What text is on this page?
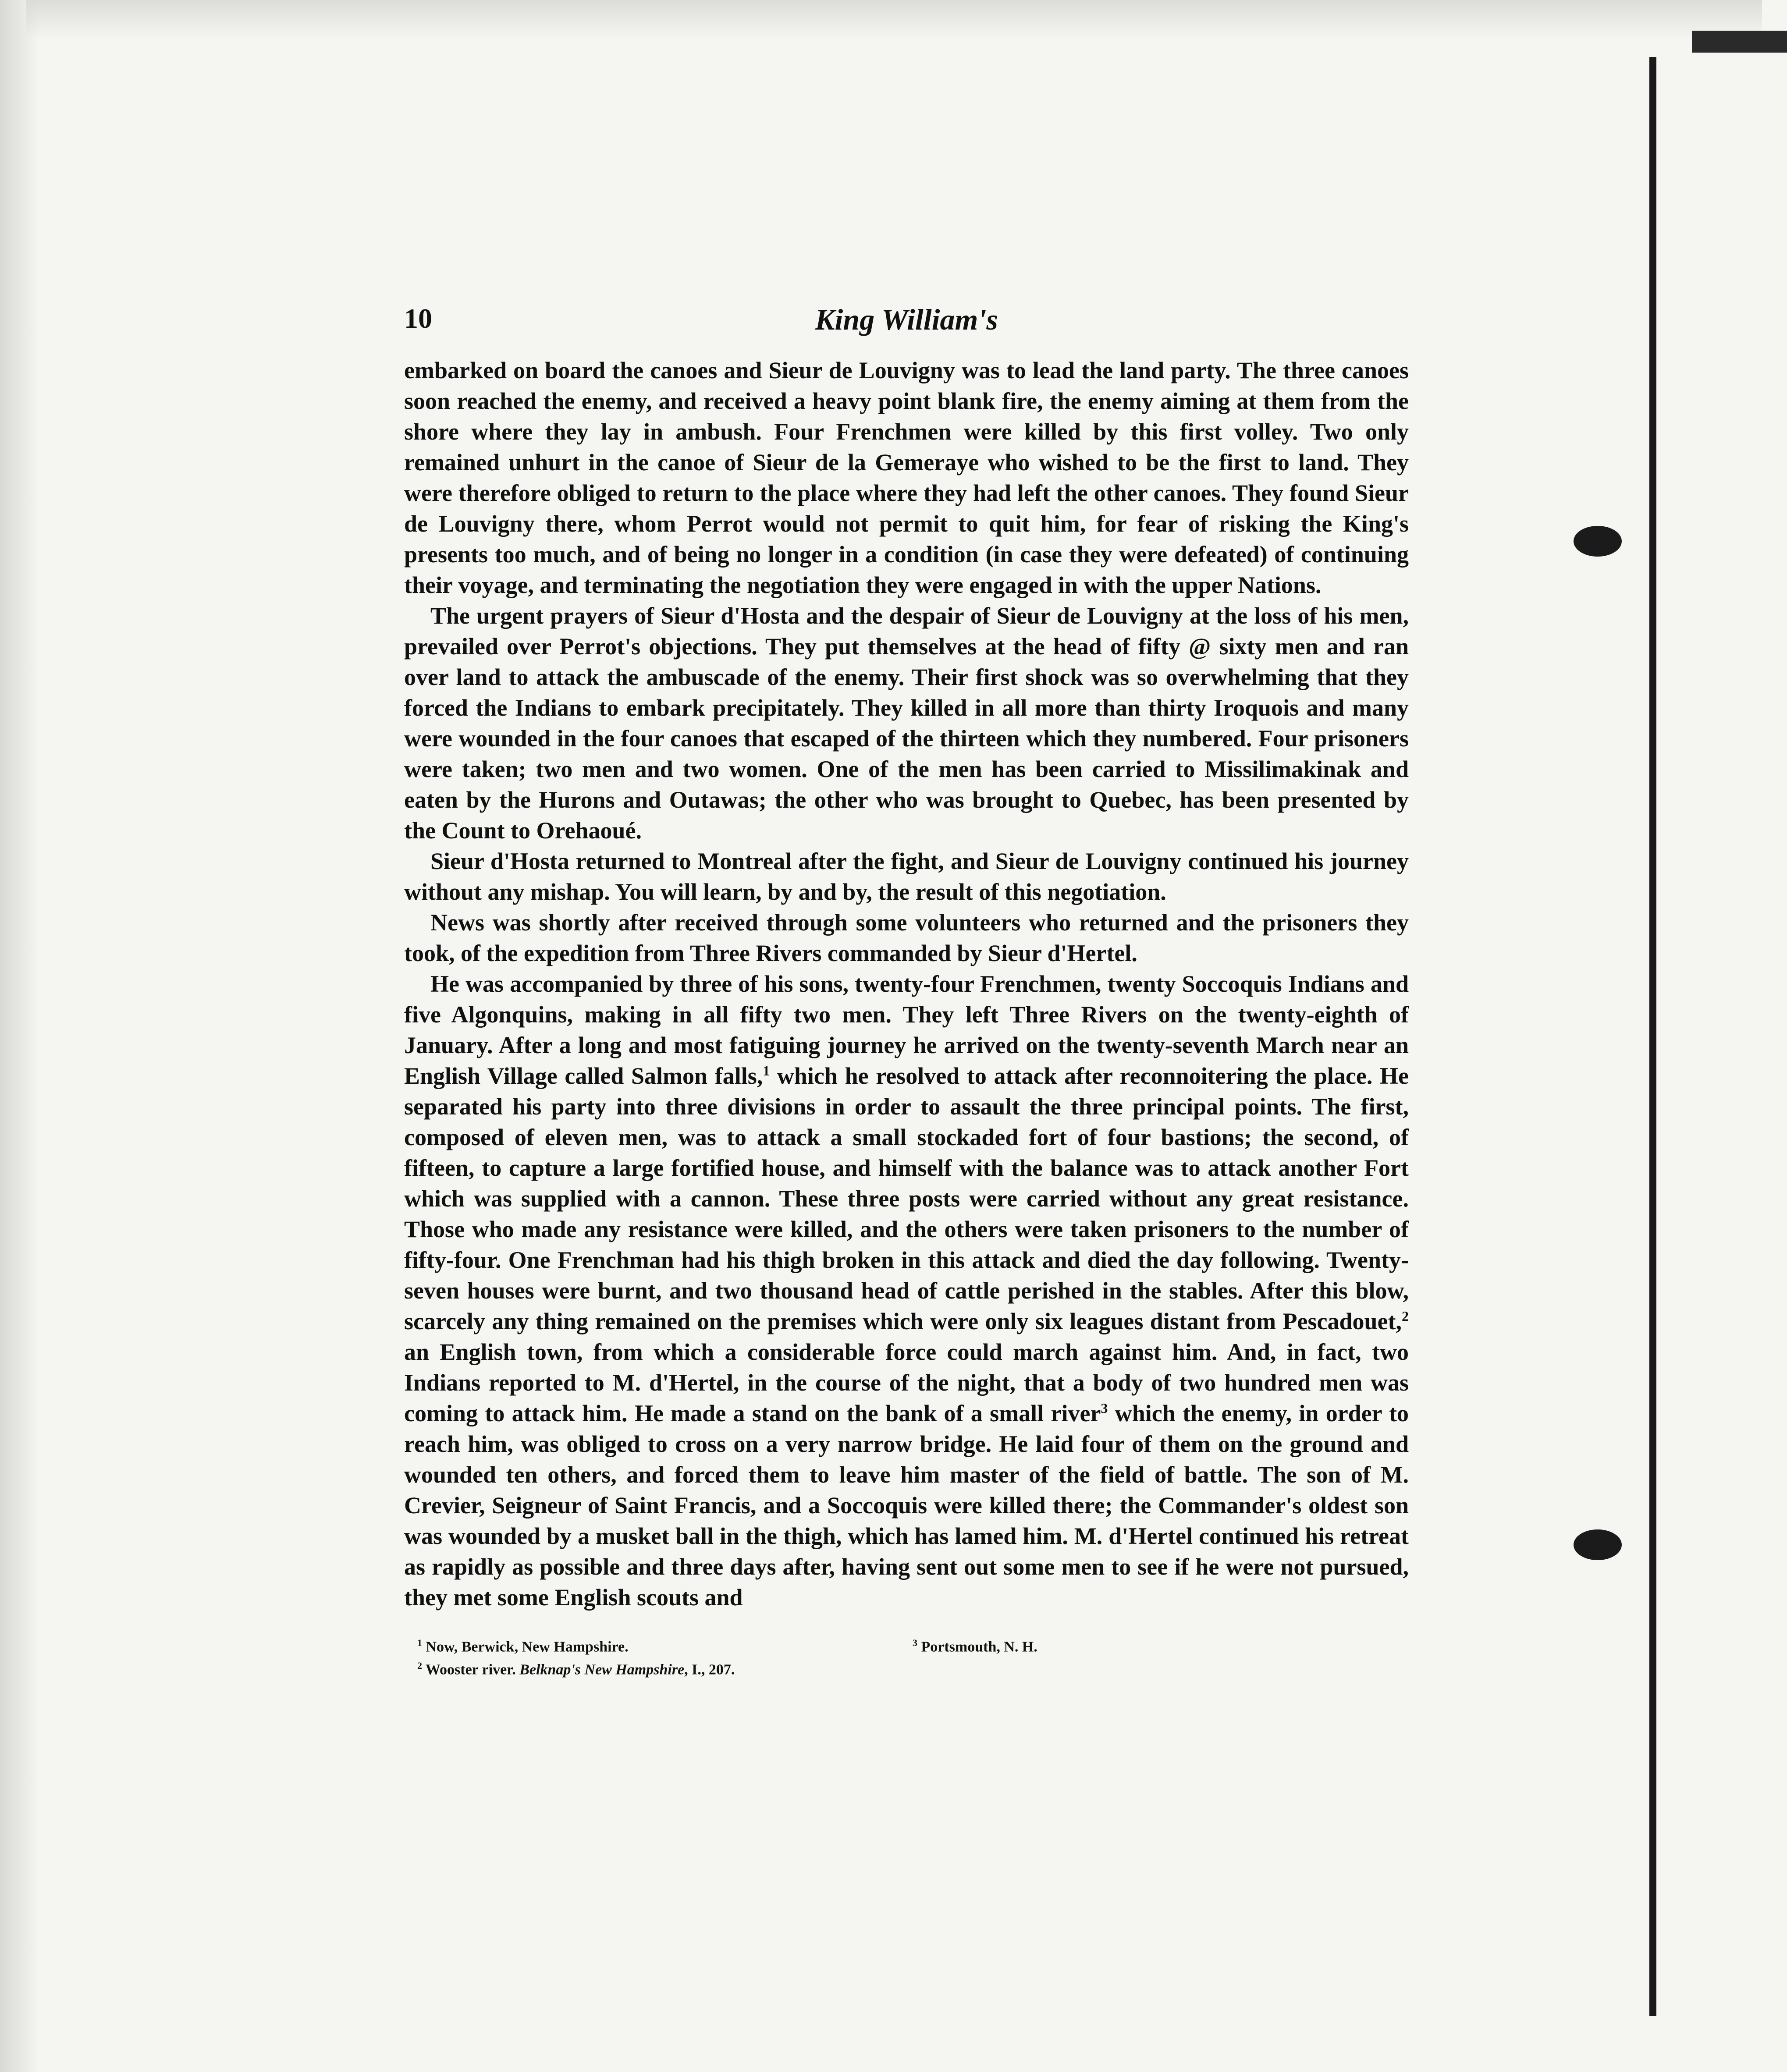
10	King William's

embarked on board the canoes and Sieur de Louvigny was to lead the land party. The three canoes soon reached the enemy, and received a heavy point blank fire, the enemy aiming at them from the shore where they lay in ambush. Four Frenchmen were killed by this first volley. Two only remained unhurt in the canoe of Sieur de la Gemeraye who wished to be the first to land. They were therefore obliged to return to the place where they had left the other canoes. They found Sieur de Louvigny there, whom Perrot would not permit to quit him, for fear of risking the King's presents too much, and of being no longer in a condition (in case they were defeated) of continuing their voyage, and terminating the negotiation they were engaged in with the upper Nations.

The urgent prayers of Sieur d'Hosta and the despair of Sieur de Louvigny at the loss of his men, prevailed over Perrot's objections. They put themselves at the head of fifty @ sixty men and ran over land to attack the ambuscade of the enemy. Their first shock was so overwhelming that they forced the Indians to embark precipitately. They killed in all more than thirty Iroquois and many were wounded in the four canoes that escaped of the thirteen which they numbered. Four prisoners were taken; two men and two women. One of the men has been carried to Missilimakinak and eaten by the Hurons and Outawas; the other who was brought to Quebec, has been presented by the Count to Orehaoué.

Sieur d'Hosta returned to Montreal after the fight, and Sieur de Louvigny continued his journey without any mishap. You will learn, by and by, the result of this negotiation.

News was shortly after received through some volunteers who returned and the prisoners they took, of the expedition from Three Rivers commanded by Sieur d'Hertel.

He was accompanied by three of his sons, twenty-four Frenchmen, twenty Soccoquis Indians and five Algonquins, making in all fifty two men. They left Three Rivers on the twenty-eighth of January. After a long and most fatiguing journey he arrived on the twenty-seventh March near an English Village called Salmon falls,$^1$ which he resolved to attack after reconnoitering the place. He separated his party into three divisions in order to assault the three principal points. The first, composed of eleven men, was to attack a small stockaded fort of four bastions; the second, of fifteen, to capture a large fortified house, and himself with the balance was to attack another Fort which was supplied with a cannon. These three posts were carried without any great resistance. Those who made any resistance were killed, and the others were taken prisoners to the number of fifty-four. One Frenchman had his thigh broken in this attack and died the day following. Twenty-seven houses were burnt, and two thousand head of cattle perished in the stables. After this blow, scarcely any thing remained on the premises which were only six leagues distant from Pescadouet,$^2$ an English town, from which a considerable force could march against him. And, in fact, two Indians reported to M. d'Hertel, in the course of the night, that a body of two hundred men was coming to attack him. He made a stand on the bank of a small river$^3$ which the enemy, in order to reach him, was obliged to cross on a very narrow bridge. He laid four of them on the ground and wounded ten others, and forced them to leave him master of the field of battle. The son of M. Crevier, Seigneur of Saint Francis, and a Soccoquis were killed there; the Commander's oldest son was wounded by a musket ball in the thigh, which has lamed him. M. d'Hertel continued his retreat as rapidly as possible and three days after, having sent out some men to see if he were not pursued, they met some English scouts and

$^1$ Now, Berwick, New Hampshire.	$^3$ Portsmouth, N. H.
$^2$ Wooster river. Belknap's New Hampshire, I., 207.
